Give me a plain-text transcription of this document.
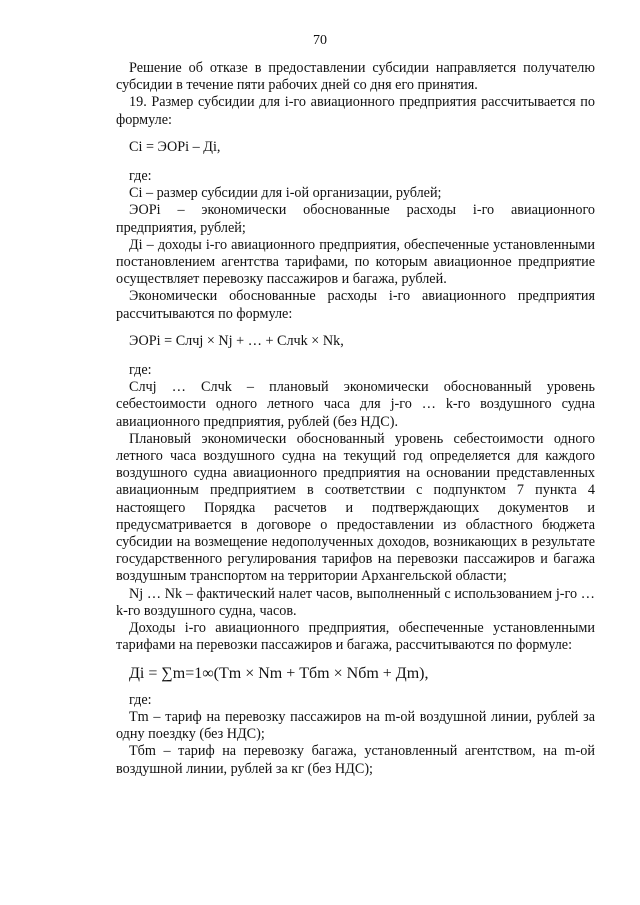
70

Решение об отказе в предоставлении субсидии направляется получателю субсидии в течение пяти рабочих дней со дня его принятия.

19. Размер субсидии для i-го авиационного предприятия рассчитывается по формуле:

Сi = ЭОРi – Дi,

где:

Сi – размер субсидии для i-ой организации, рублей;

ЭОРi – экономически обоснованные расходы i-го авиационного предприятия, рублей;

Дi – доходы i-го авиационного предприятия, обеспеченные установленными постановлением агентства тарифами, по которым авиационное предприятие осуществляет перевозку пассажиров и багажа, рублей.

Экономически обоснованные расходы i-го авиационного предприятия рассчитываются по формуле:

ЭОРi = Слчj × Nj + … + Слчk × Nk,

где:

Слчj … Слчk – плановый экономически обоснованный уровень себестоимости одного летного часа для j-го … k-го воздушного судна авиационного предприятия, рублей (без НДС).

Плановый экономически обоснованный уровень себестоимости одного летного часа воздушного судна на текущий год определяется для каждого воздушного судна авиационного предприятия на основании представленных авиационным предприятием в соответствии с подпунктом 7 пункта 4 настоящего Порядка расчетов и подтверждающих документов и предусматривается в договоре о предоставлении из областного бюджета субсидии на возмещение недополученных доходов, возникающих в результате государственного регулирования тарифов на перевозки пассажиров и багажа воздушным транспортом на территории Архангельской области;

Nj … Nk – фактический налет часов, выполненный с использованием j-го … k-го воздушного судна, часов.

Доходы i-го авиационного предприятия, обеспеченные установленными тарифами на перевозки пассажиров и багажа, рассчитываются по формуле:

Дi = ∑m=1∞(Тm × Nm + Тбm × Nбm + Дm),

где:

Тm – тариф на перевозку пассажиров на m-ой воздушной линии, рублей за одну поездку (без НДС);

Тбm – тариф на перевозку багажа, установленный агентством, на m-ой воздушной линии, рублей за кг (без НДС);
